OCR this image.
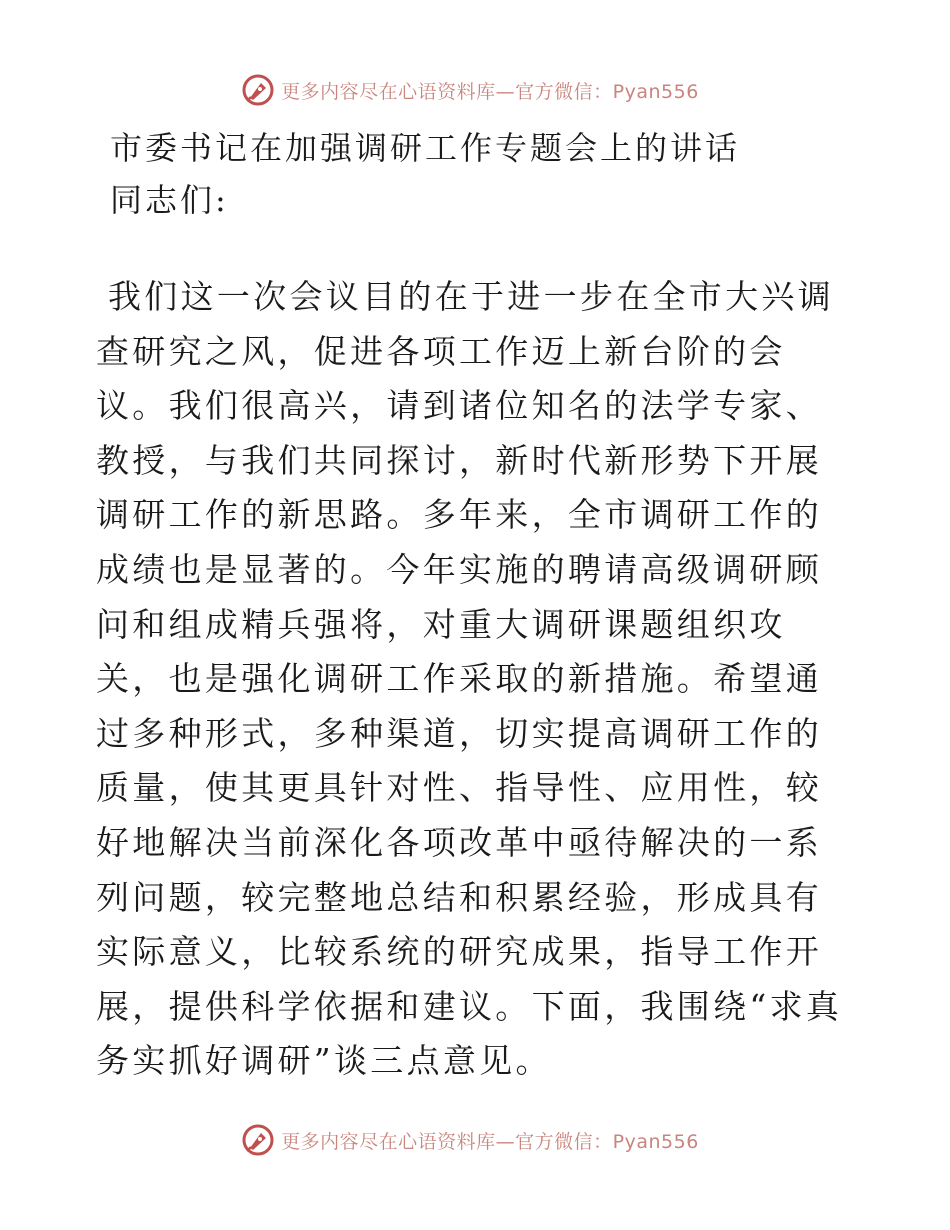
更多内容尽在心语资料库—官方微信：Pyan556
市委书记在加强调研工作专题会上的讲话
同志们:

我们这一次会议目的在于进一步在全市大兴调查研究之风，促进各项工作迈上新台阶的会议。我们很高兴，请到诸位知名的法学专家、教授，与我们共同探讨，新时代新形势下开展调研工作的新思路。多年来，全市调研工作的成绩也是显著的。今年实施的聘请高级调研顾问和组成精兵强将，对重大调研课题组织攻关，也是强化调研工作采取的新措施。希望通过多种形式，多种渠道，切实提高调研工作的质量，使其更具针对性、指导性、应用性，较好地解决当前深化各项改革中亟待解决的一系列问题，较完整地总结和积累经验，形成具有实际意义，比较系统的研究成果，指导工作开展，提供科学依据和建议。下面，我围绕“求真务实抓好调研”谈三点意见。

更多内容尽在心语资料库—官方微信：Pyan556
